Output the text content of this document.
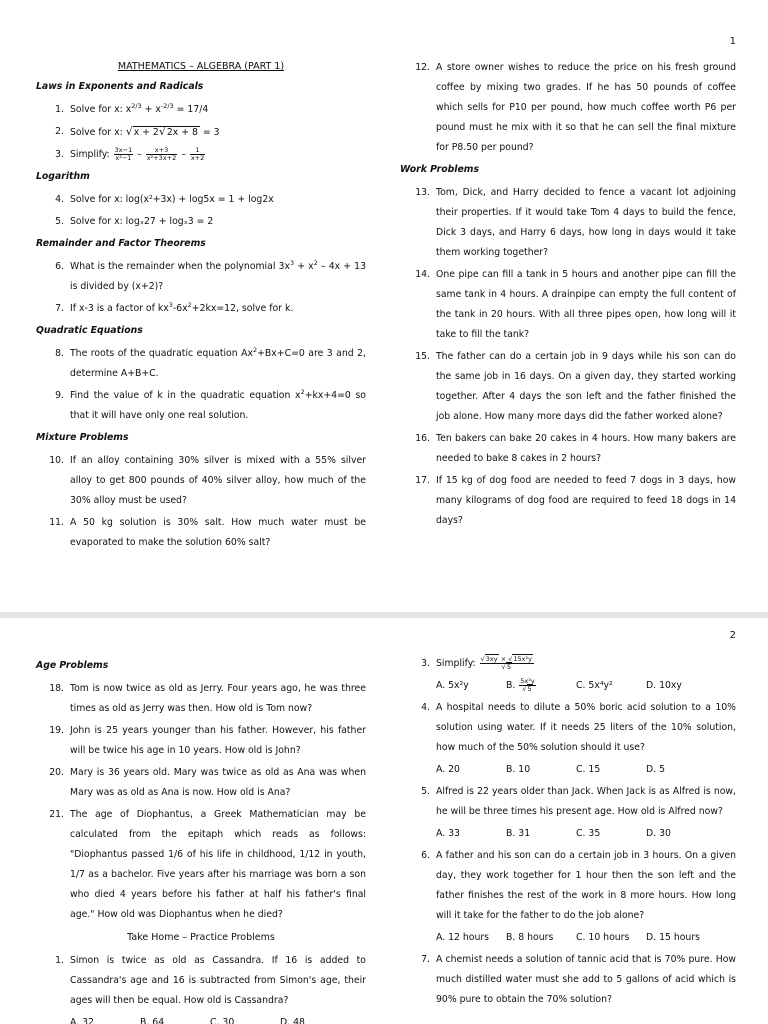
1
MATHEMATICS – ALGEBRA (PART 1)
Laws in Exponents and Radicals
1. Solve for x: $x^{2/3} + x^{-2/3} = 17/4$
2. Solve for x: √x + 2√2x + 8 = 3
3. Simplify: $\frac{3x-1}{\text{x²−1}} - \frac{x+3}{\text{x²+3x+2}} - \frac{1}{x+2}$
Logarithm
4. Solve for x: log(x²+3x) + log5x = 1 + log2x
5. Solve for x: logₓ27 + logₓ3 = 2
Remainder and Factor Theorems
6. What is the remainder when the polynomial $3x^3 + x^2 - 4x + 13$ is divided by (x+2)?
7. If x-3 is a factor of $kx^3-6x^2+2kx=12$, solve for k.
Quadratic Equations
8. The roots of the quadratic equation $Ax^2+Bx+C=0$ are 3 and 2, determine A+B+C.
9. Find the value of k in the quadratic equation $x^2+kx+4=0$ so that it will have only one real solution.
Mixture Problems
10. If an alloy containing 30% silver is mixed with a 55% silver alloy to get 800 pounds of 40% silver alloy, how much of the 30% alloy must be used?
11. A 50 kg solution is 30% salt. How much water must be evaporated to make the solution 60% salt?
12. A store owner wishes to reduce the price on his fresh ground coffee by mixing two grades. If he has 50 pounds of coffee which sells for P10 per pound, how much coffee worth P6 per pound must he mix with it so that he can sell the final mixture for P8.50 per pound?
Work Problems
13. Tom, Dick, and Harry decided to fence a vacant lot adjoining their properties. If it would take Tom 4 days to build the fence, Dick 3 days, and Harry 6 days, how long in days would it take them working together?
14. One pipe can fill a tank in 5 hours and another pipe can fill the same tank in 4 hours. A drainpipe can empty the full content of the tank in 20 hours. With all three pipes open, how long will it take to fill the tank?
15. The father can do a certain job in 9 days while his son can do the same job in 16 days. On a given day, they started working together. After 4 days the son left and the father finished the job alone. How many more days did the father worked alone?
16. Ten bakers can bake 20 cakes in 4 hours. How many bakers are needed to bake 8 cakes in 2 hours?
17. If 15 kg of dog food are needed to feed 7 dogs in 3 days, how many kilograms of dog food are required to feed 18 dogs in 14 days?
2
Age Problems
18. Tom is now twice as old as Jerry. Four years ago, he was three times as old as Jerry was then. How old is Tom now?
19. John is 25 years younger than his father. However, his father will be twice his age in 10 years. How old is John?
20. Mary is 36 years old. Mary was twice as old as Ana was when Mary was as old as Ana is now. How old is Ana?
21. The age of Diophantus, a Greek Mathematician may be calculated from the epitaph which reads as follows: "Diophantus passed 1/6 of his life in childhood, 1/12 in youth, 1/7 as a bachelor. Five years after his marriage was born a son who died 4 years before his father at half his father's final age." How old was Diophantus when he died?
Take Home – Practice Problems
1. Simon is twice as old as Cassandra. If 16 is added to Cassandra's age and 16 is subtracted from Simon's age, their ages will then be equal. How old is Cassandra?
A. 32	B. 64	C. 30	D. 48
3. Simplify: $\frac{\text{√3xy × √15x²y}}{√5}$
A. 5x²y	B. $\frac{\text{5x³y}}{√5}$	C. 5x⁴y²	D. 10xy
4. A hospital needs to dilute a 50% boric acid solution to a 10% solution using water. If it needs 25 liters of the 10% solution, how much of the 50% solution should it use?
A. 20	B. 10	C. 15	D. 5
5. Alfred is 22 years older than Jack. When Jack is as Alfred is now, he will be three times his present age. How old is Alfred now?
A. 33	B. 31	C. 35	D. 30
6. A father and his son can do a certain job in 3 hours. On a given day, they work together for 1 hour then the son left and the father finishes the rest of the work in 8 more hours. How long will it take for the father to do the job alone?
A. 12 hours	B. 8 hours	C. 10 hours	D. 15 hours
7. A chemist needs a solution of tannic acid that is 70% pure. How much distilled water must she add to 5 gallons of acid which is 90% pure to obtain the 70% solution?
